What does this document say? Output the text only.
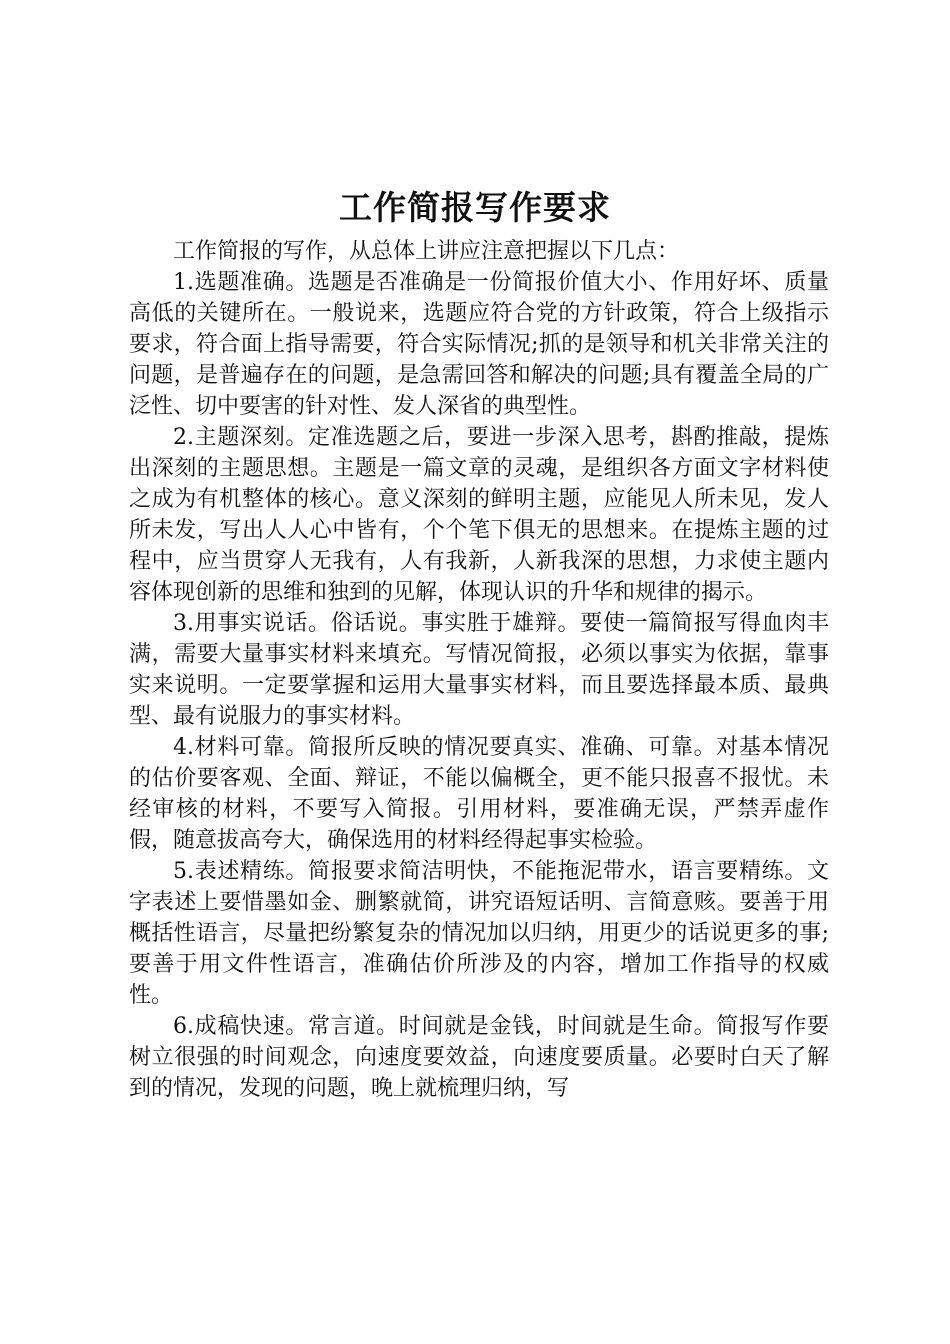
工作简报写作要求

工作简报的写作，从总体上讲应注意把握以下几点：

1.选题准确。选题是否准确是一份简报价值大小、作用好坏、质量高低的关键所在。一般说来，选题应符合党的方针政策，符合上级指示要求，符合面上指导需要，符合实际情况;抓的是领导和机关非常关注的问题，是普遍存在的问题，是急需回答和解决的问题;具有覆盖全局的广泛性、切中要害的针对性、发人深省的典型性。

2.主题深刻。定准选题之后，要进一步深入思考，斟酌推敲，提炼出深刻的主题思想。主题是一篇文章的灵魂，是组织各方面文字材料使之成为有机整体的核心。意义深刻的鲜明主题，应能见人所未见，发人所未发，写出人人心中皆有，个个笔下俱无的思想来。在提炼主题的过程中，应当贯穿人无我有，人有我新，人新我深的思想，力求使主题内容体现创新的思维和独到的见解，体现认识的升华和规律的揭示。

3.用事实说话。俗话说。事实胜于雄辩。要使一篇简报写得血肉丰满，需要大量事实材料来填充。写情况简报，必须以事实为依据，靠事实来说明。一定要掌握和运用大量事实材料，而且要选择最本质、最典型、最有说服力的事实材料。

4.材料可靠。简报所反映的情况要真实、准确、可靠。对基本情况的估价要客观、全面、辩证，不能以偏概全，更不能只报喜不报忧。未经审核的材料，不要写入简报。引用材料，要准确无误，严禁弄虚作假，随意拔高夸大，确保选用的材料经得起事实检验。

5.表述精练。简报要求简洁明快，不能拖泥带水，语言要精练。文字表述上要惜墨如金、删繁就简，讲究语短话明、言简意赅。要善于用概括性语言，尽量把纷繁复杂的情况加以归纳，用更少的话说更多的事;要善于用文件性语言，准确估价所涉及的内容，增加工作指导的权威性。

6.成稿快速。常言道。时间就是金钱，时间就是生命。简报写作要树立很强的时间观念，向速度要效益，向速度要质量。必要时白天了解到的情况，发现的问题，晚上就梳理归纳，写
